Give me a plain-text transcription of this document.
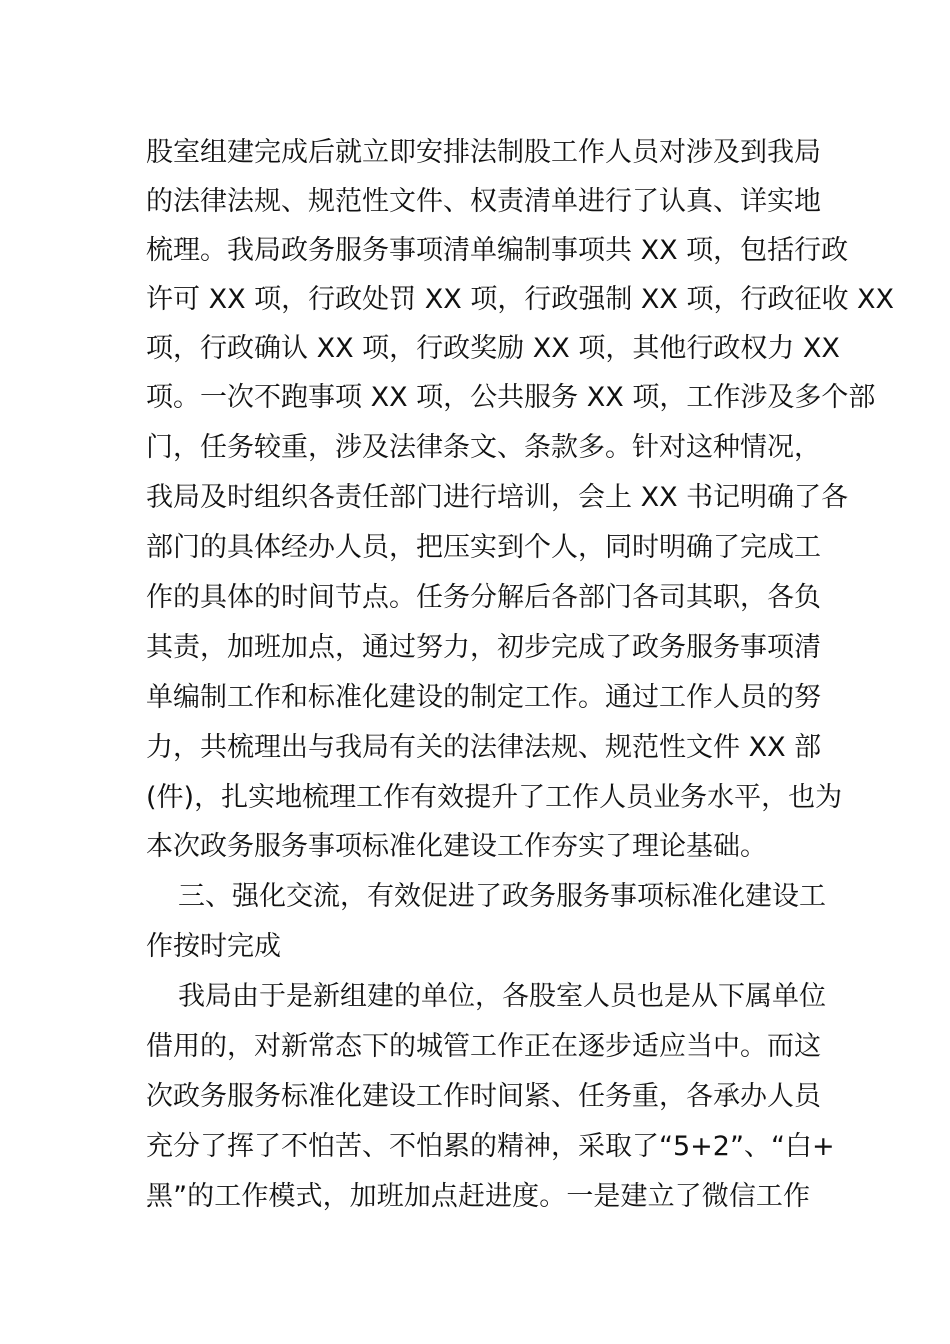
股室组建完成后就立即安排法制股工作人员对涉及到我局
的法律法规、规范性文件、权责清单进行了认真、详实地
梳理。我局政务服务事项清单编制事项共 XX 项，包括行政
许可 XX 项，行政处罚 XX 项，行政强制 XX 项，行政征收 XX
项，行政确认 XX 项，行政奖励 XX 项，其他行政权力 XX
项。一次不跑事项 XX 项，公共服务 XX 项，工作涉及多个部
门，任务较重，涉及法律条文、条款多。针对这种情况，
我局及时组织各责任部门进行培训，会上 XX 书记明确了各
部门的具体经办人员，把压实到个人，同时明确了完成工
作的具体的时间节点。任务分解后各部门各司其职，各负
其责，加班加点，通过努力，初步完成了政务服务事项清
单编制工作和标准化建设的制定工作。通过工作人员的努
力，共梳理出与我局有关的法律法规、规范性文件 XX 部
(件)，扎实地梳理工作有效提升了工作人员业务水平，也为
本次政务服务事项标准化建设工作夯实了理论基础。
三、强化交流，有效促进了政务服务事项标准化建设工
作按时完成
我局由于是新组建的单位，各股室人员也是从下属单位
借用的，对新常态下的城管工作正在逐步适应当中。而这
次政务服务标准化建设工作时间紧、任务重，各承办人员
充分了挥了不怕苦、不怕累的精神，采取了“5+2”、“白+
黑”的工作模式，加班加点赶进度。一是建立了微信工作
